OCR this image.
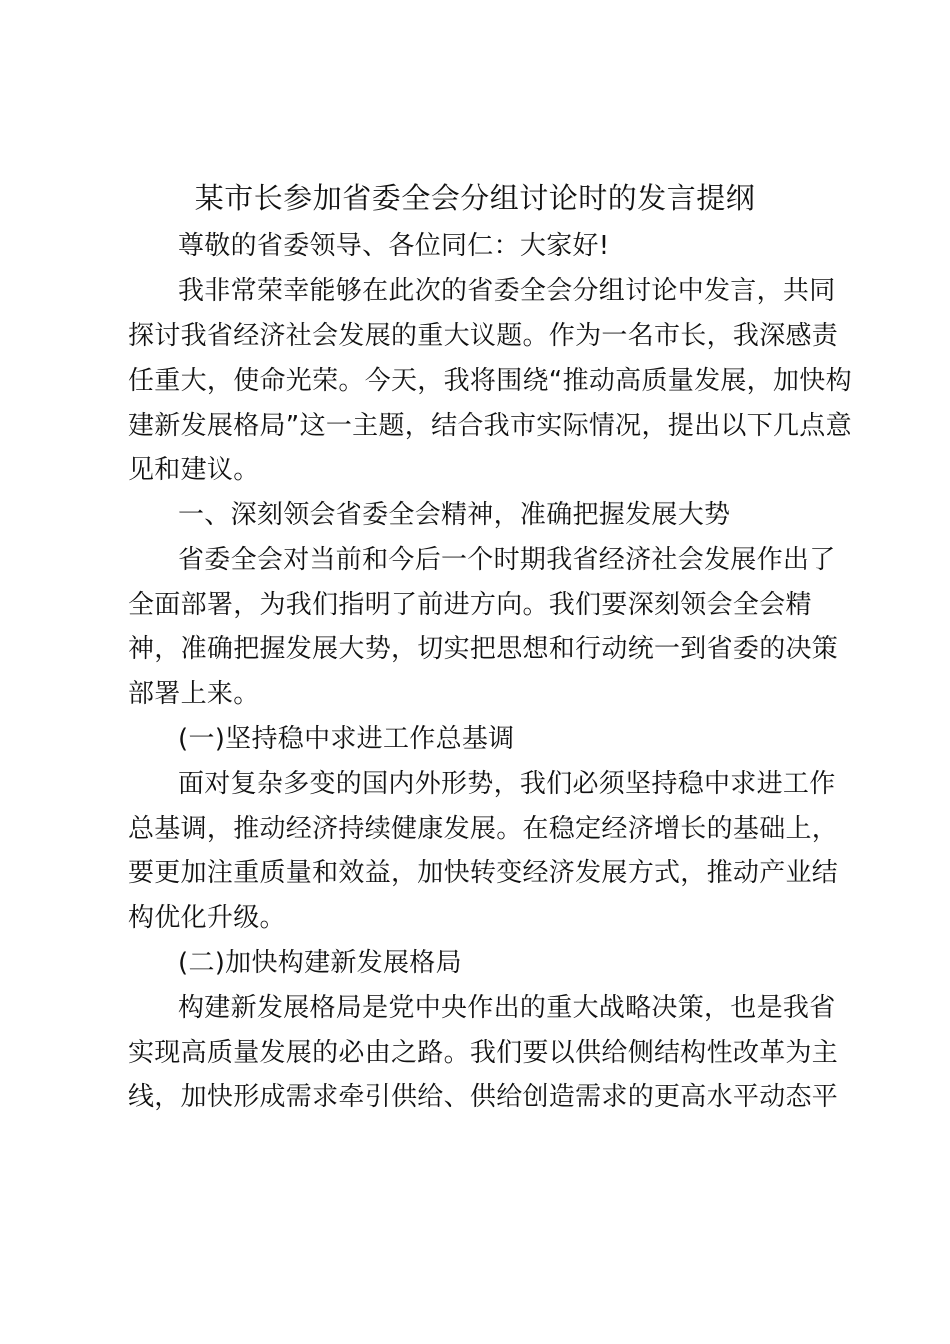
某市长参加省委全会分组讨论时的发言提纲
尊敬的省委领导、各位同仁：大家好!
我非常荣幸能够在此次的省委全会分组讨论中发言，共同
探讨我省经济社会发展的重大议题。作为一名市长，我深感责
任重大，使命光荣。今天，我将围绕“推动高质量发展，加快构
建新发展格局”这一主题，结合我市实际情况，提出以下几点意
见和建议。
一、深刻领会省委全会精神，准确把握发展大势
省委全会对当前和今后一个时期我省经济社会发展作出了
全面部署，为我们指明了前进方向。我们要深刻领会全会精
神，准确把握发展大势，切实把思想和行动统一到省委的决策
部署上来。
(一)坚持稳中求进工作总基调
面对复杂多变的国内外形势，我们必须坚持稳中求进工作
总基调，推动经济持续健康发展。在稳定经济增长的基础上，
要更加注重质量和效益，加快转变经济发展方式，推动产业结
构优化升级。
(二)加快构建新发展格局
构建新发展格局是党中央作出的重大战略决策，也是我省
实现高质量发展的必由之路。我们要以供给侧结构性改革为主
线，加快形成需求牵引供给、供给创造需求的更高水平动态平
